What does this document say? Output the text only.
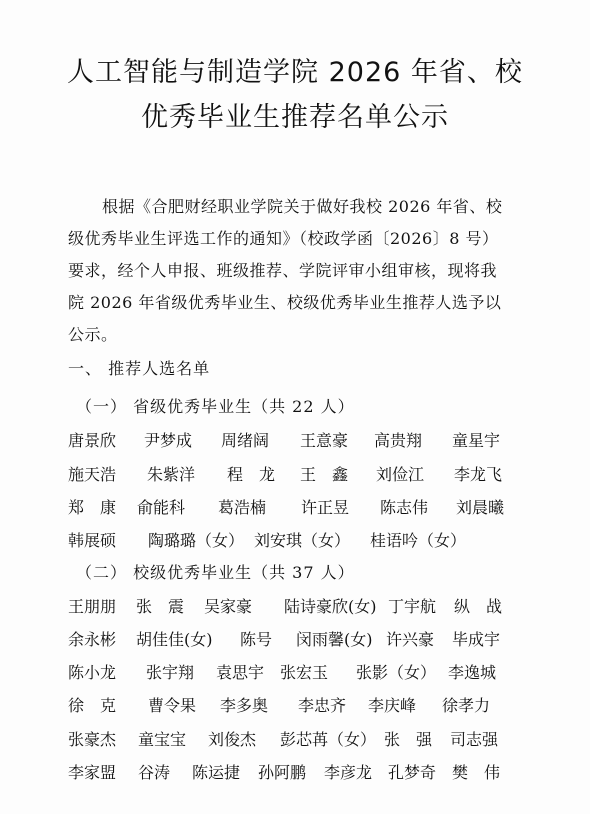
人工智能与制造学院 2026 年省、校
优秀毕业生推荐名单公示

根据《合肥财经职业学院关于做好我校 2026 年省、校

级优秀毕业生评选工作的通知》（校政学函〔2026〕8 号）

要求，经个人申报、班级推荐、学院评审小组审核，现将我

院 2026 年省级优秀毕业生、校级优秀毕业生推荐人选予以

公示。

一、 推荐人选名单
（一） 省级优秀毕业生（共 22 人）
唐景欣 尹梦成 周绪阔 王意豪 高贵翔 童星宇
施天浩 朱紫洋 程　龙 王　鑫 刘俭江 李龙飞
郑　康 俞能科 葛浩楠 许正昱 陈志伟 刘晨曦
韩展硕 陶璐璐（女） 刘安琪（女） 桂语吟（女）
（二） 校级优秀毕业生（共 37 人）
王朋朋 张　震 吴家豪 陆诗豪欣(女) 丁宇航 纵　战
余永彬 胡佳佳(女) 陈号 闵雨馨(女) 许兴豪 毕成宇
陈小龙 张宇翔 袁思宇 张宏玉 张影（女） 李逸城
徐　克 曹令果 李多奥 李忠齐 李庆峰 徐孝力
张豪杰 童宝宝 刘俊杰 彭芯苒（女） 张　强 司志强
李家盟 谷涛 陈运捷 孙阿鹏 李彦龙 孔梦奇 樊　伟
